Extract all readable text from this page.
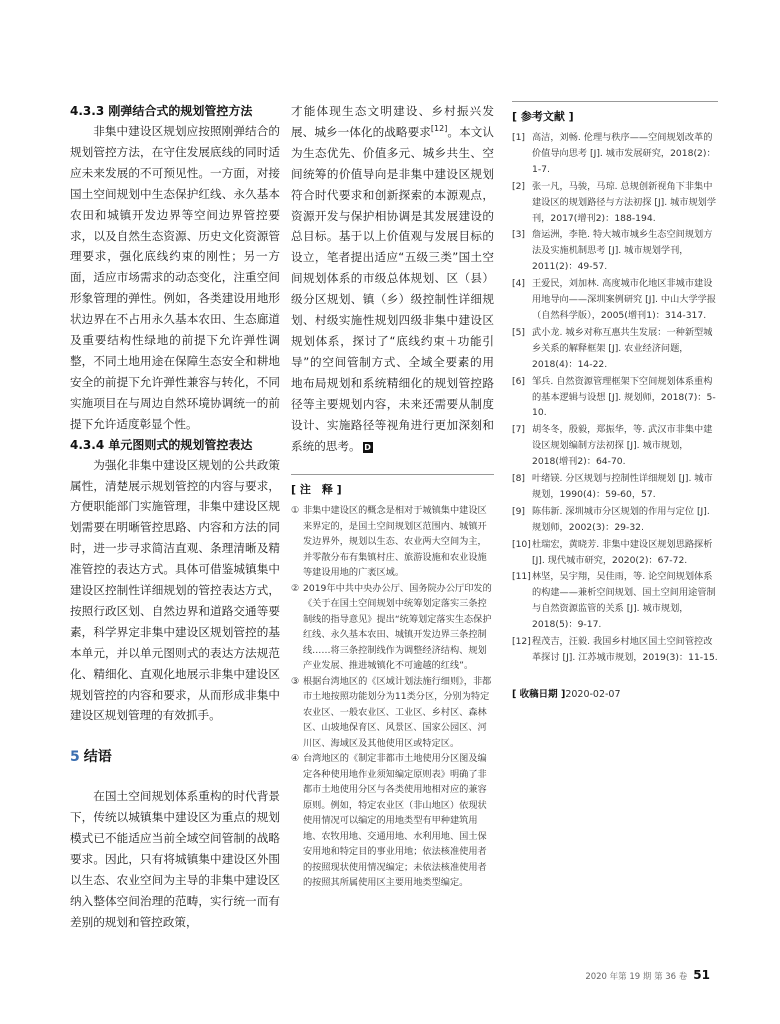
4.3.3 刚弹结合式的规划管控方法

非集中建设区规划应按照刚弹结合的规划管控方法，在守住发展底线的同时适应未来发展的不可预见性。一方面，对接国土空间规划中生态保护红线、永久基本农田和城镇开发边界等空间边界管控要求，以及自然生态资源、历史文化资源管理要求，强化底线约束的刚性；另一方面，适应市场需求的动态变化，注重空间形象管理的弹性。例如，各类建设用地形状边界在不占用永久基本农田、生态廊道及重要结构性绿地的前提下允许弹性调整，不同土地用途在保障生态安全和耕地安全的前提下允许弹性兼容与转化，不同实施项目在与周边自然环境协调统一的前提下允许适度彰显个性。

4.3.4 单元图则式的规划管控表达

为强化非集中建设区规划的公共政策属性，清楚展示规划管控的内容与要求，方便职能部门实施管理，非集中建设区规划需要在明晰管控思路、内容和方法的同时，进一步寻求简洁直观、条理清晰及精准管控的表达方式。具体可借鉴城镇集中建设区控制性详细规划的管控表达方式，按照行政区划、自然边界和道路交通等要素，科学界定非集中建设区规划管控的基本单元，并以单元图则式的表达方法规范化、精细化、直观化地展示非集中建设区规划管控的内容和要求，从而形成非集中建设区规划管理的有效抓手。

5 结语

在国土空间规划体系重构的时代背景下，传统以城镇集中建设区为重点的规划模式已不能适应当前全域空间管制的战略要求。因此，只有将城镇集中建设区外围以生态、农业空间为主导的非集中建设区纳入整体空间治理的范畴，实行统一而有差别的规划和管控政策，

才能体现生态文明建设、乡村振兴发展、城乡一体化的战略要求[12]。本文认为生态优先、价值多元、城乡共生、空间统筹的价值导向是非集中建设区规划符合时代要求和创新探索的本源观点，资源开发与保护相协调是其发展建设的总目标。基于以上价值观与发展目标的设立，笔者提出适应“五级三类”国土空间规划体系的市级总体规划、区（县）级分区规划、镇（乡）级控制性详细规划、村级实施性规划四级非集中建设区规划体系，探讨了“底线约束＋功能引导”的空间管制方式、全域全要素的用地布局规划和系统精细化的规划管控路径等主要规划内容，未来还需要从制度设计、实施路径等视角进行更加深刻和系统的思考。 D

[ 注　释 ]

① 非集中建设区的概念是相对于城镇集中建设区来界定的，是国土空间规划区范围内、城镇开发边界外，规划以生态、农业两大空间为主，并零散分布有集镇村庄、旅游设施和农业设施等建设用地的广袤区域。
② 2019年中共中央办公厅、国务院办公厅印发的《关于在国土空间规划中统筹划定落实三条控制线的指导意见》提出“统筹划定落实生态保护红线、永久基本农田、城镇开发边界三条控制线……将三条控制线作为调整经济结构、规划产业发展、推进城镇化不可逾越的红线”。
③ 根据台湾地区的《区域计划法施行细则》，非都市土地按照功能划分为11类分区，分别为特定农业区、一般农业区、工业区、乡村区、森林区、山坡地保育区、风景区、国家公园区、河川区、海域区及其他使用区或特定区。
④ 台湾地区的《制定非都市土地使用分区图及编定各种使用地作业须知编定原则表》明确了非都市土地使用分区与各类使用地相对应的兼容原则。例如，特定农业区（非山地区）依现状使用情况可以编定的用地类型有甲种建筑用地、农牧用地、交通用地、水利用地、国土保安用地和特定目的事业用地；依法核准使用者的按照现状使用情况编定；未依法核准使用者的按照其所属使用区主要用地类型编定。

[ 参考文献 ]

[1] 高洁，刘畅. 伦理与秩序——空间规划改革的价值导向思考 [J]. 城市发展研究，2018(2)：1-7.
[2] 张一凡，马骏，马琼. 总规创新视角下非集中建设区的规划路径与方法初探 [J]. 城市规划学刊，2017(增刊2)：188-194.
[3] 詹运洲，李艳. 特大城市城乡生态空间规划方法及实施机制思考 [J]. 城市规划学刊，2011(2)：49-57.
[4] 王爱民，刘加林. 高度城市化地区非城市建设用地导向——深圳案例研究 [J]. 中山大学学报（自然科学版），2005(增刊1)：314-317.
[5] 武小龙. 城乡对称互惠共生发展：一种新型城乡关系的解释框架 [J]. 农业经济问题，2018(4)：14-22.
[6] 邹兵. 自然资源管理框架下空间规划体系重构的基本逻辑与设想 [J]. 规划师，2018(7)：5-10.
[7] 胡冬冬，殷毅，郑振华，等. 武汉市非集中建设区规划编制方法初探 [J]. 城市规划，2018(增刊2)：64-70.
[8] 叶绪镁. 分区规划与控制性详细规划 [J]. 城市规划，1990(4)：59-60，57.
[9] 陈伟新. 深圳城市分区规划的作用与定位 [J]. 规划师，2002(3)：29-32.
[10] 杜瑞宏，黄晓芳. 非集中建设区规划思路探析 [J]. 现代城市研究，2020(2)：67-72.
[11] 林坚，吴宇翔，吴佳雨，等. 论空间规划体系的构建——兼析空间规划、国土空间用途管制与自然资源监管的关系 [J]. 城市规划，2018(5)：9-17.
[12] 程茂吉，汪毅. 我国乡村地区国土空间管控改革探讨 [J]. 江苏城市规划，2019(3)：11-15.
[ 收稿日期 ]2020-02-07
2020 年第 19 期 第 36 卷 51
